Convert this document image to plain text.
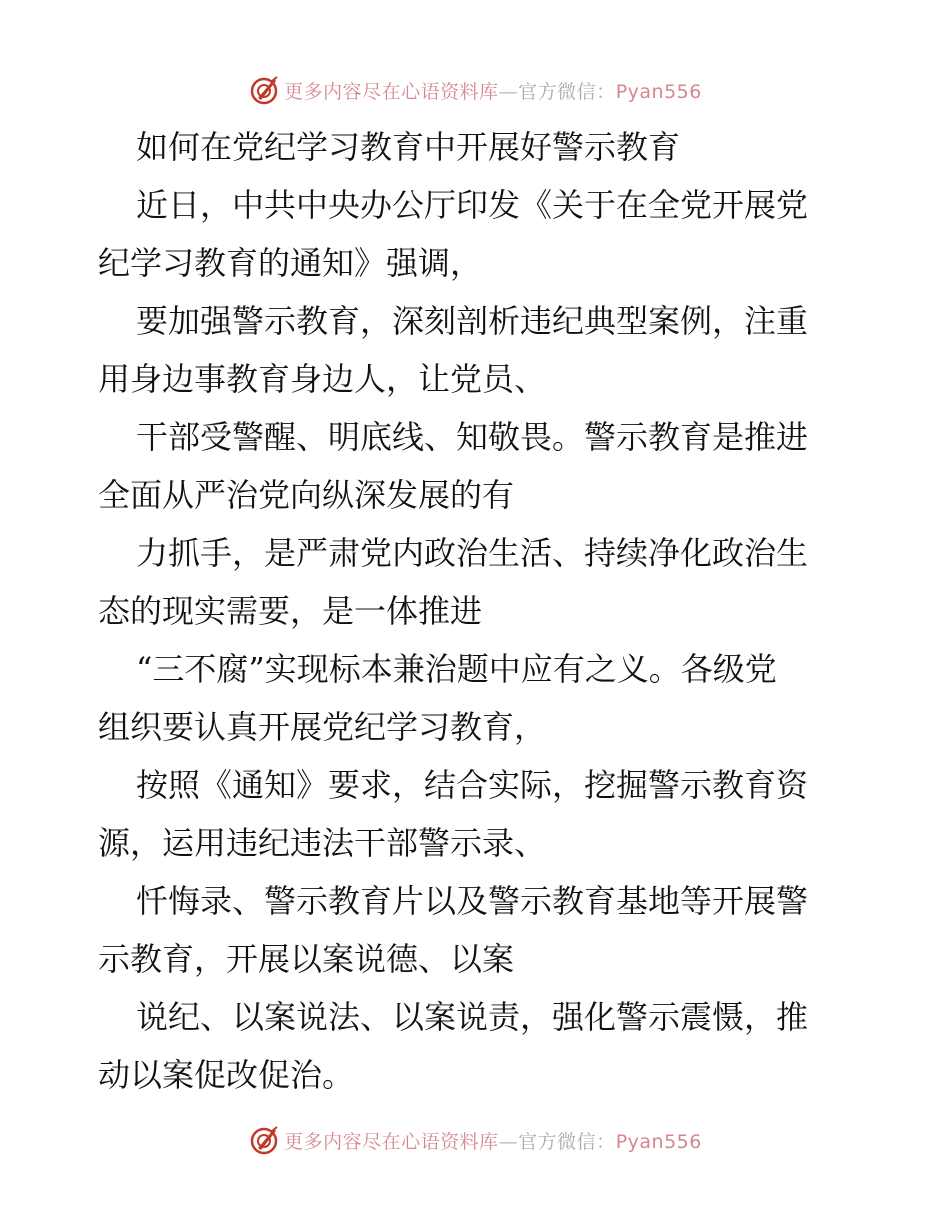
更多内容尽在心语资料库—官方微信：Pyan556
如何在党纪学习教育中开展好警示教育
近日，中共中央办公厅印发《关于在全党开展党
纪学习教育的通知》强调，
要加强警示教育，深刻剖析违纪典型案例，注重
用身边事教育身边人，让党员、
干部受警醒、明底线、知敬畏。警示教育是推进
全面从严治党向纵深发展的有
力抓手，是严肃党内政治生活、持续净化政治生
态的现实需要，是一体推进
“三不腐”实现标本兼治题中应有之义。各级党
组织要认真开展党纪学习教育，
按照《通知》要求，结合实际，挖掘警示教育资
源，运用违纪违法干部警示录、
忏悔录、警示教育片以及警示教育基地等开展警
示教育，开展以案说德、以案
说纪、以案说法、以案说责，强化警示震慑，推
动以案促改促治。
更多内容尽在心语资料库—官方微信：Pyan556
